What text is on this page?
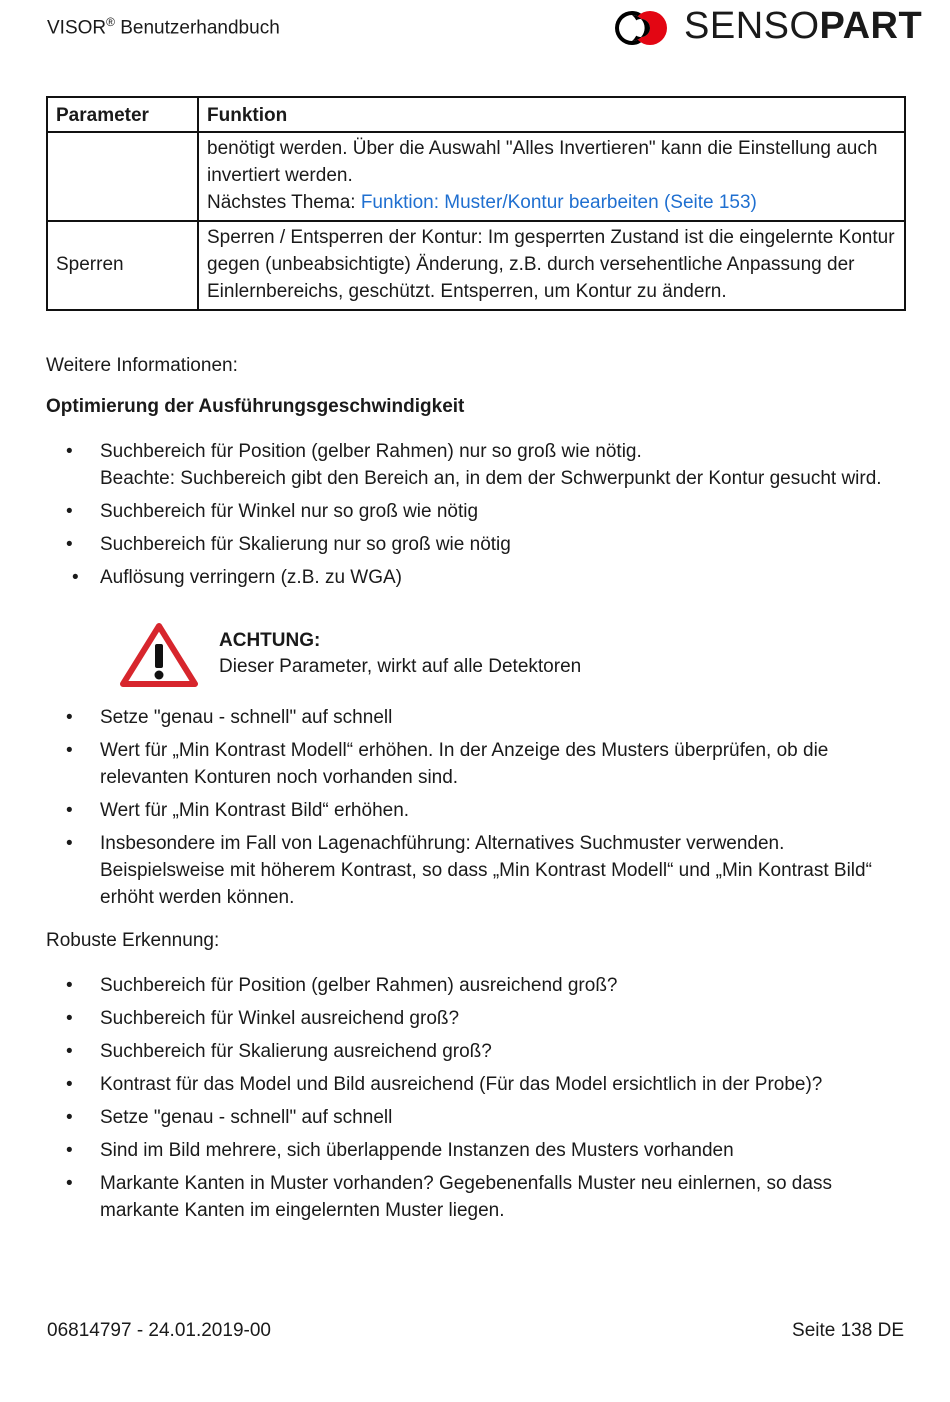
VISOR® Benutzerhandbuch	SENSOPART
Parameter	Funktion
	benötigt werden. Über die Auswahl "Alles Invertieren" kann die Einstellung auch invertiert werden.
Nächstes Thema: Funktion: Muster/Kontur bearbeiten (Seite 153)
Sperren	Sperren / Entsperren der Kontur: Im gesperrten Zustand ist die eingelernte Kontur gegen (unbeabsichtigte) Änderung, z.B. durch versehentliche Anpassung der Einlernbereichs, geschützt. Entsperren, um Kontur zu ändern.
Weitere Informationen:
Optimierung der Ausführungsgeschwindigkeit
• Suchbereich für Position (gelber Rahmen) nur so groß wie nötig.
Beachte: Suchbereich gibt den Bereich an, in dem der Schwerpunkt der Kontur gesucht wird.
• Suchbereich für Winkel nur so groß wie nötig
• Suchbereich für Skalierung nur so groß wie nötig
• Auflösung verringern (z.B. zu WGA)
ACHTUNG:
Dieser Parameter, wirkt auf alle Detektoren
• Setze "genau - schnell" auf schnell
• Wert für „Min Kontrast Modell“ erhöhen. In der Anzeige des Musters überprüfen, ob die relevanten Konturen noch vorhanden sind.
• Wert für „Min Kontrast Bild“ erhöhen.
• Insbesondere im Fall von Lagenachführung: Alternatives Suchmuster verwenden.
Beispielsweise mit höherem Kontrast, so dass „Min Kontrast Modell“ und „Min Kontrast Bild“ erhöht werden können.
Robuste Erkennung:
• Suchbereich für Position (gelber Rahmen) ausreichend groß?
• Suchbereich für Winkel ausreichend groß?
• Suchbereich für Skalierung ausreichend groß?
• Kontrast für das Model und Bild ausreichend (Für das Model ersichtlich in der Probe)?
• Setze "genau - schnell" auf schnell
• Sind im Bild mehrere, sich überlappende Instanzen des Musters vorhanden
• Markante Kanten in Muster vorhanden? Gegebenenfalls Muster neu einlernen, so dass markante Kanten im eingelernten Muster liegen.
06814797 - 24.01.2019-00	Seite 138 DE
